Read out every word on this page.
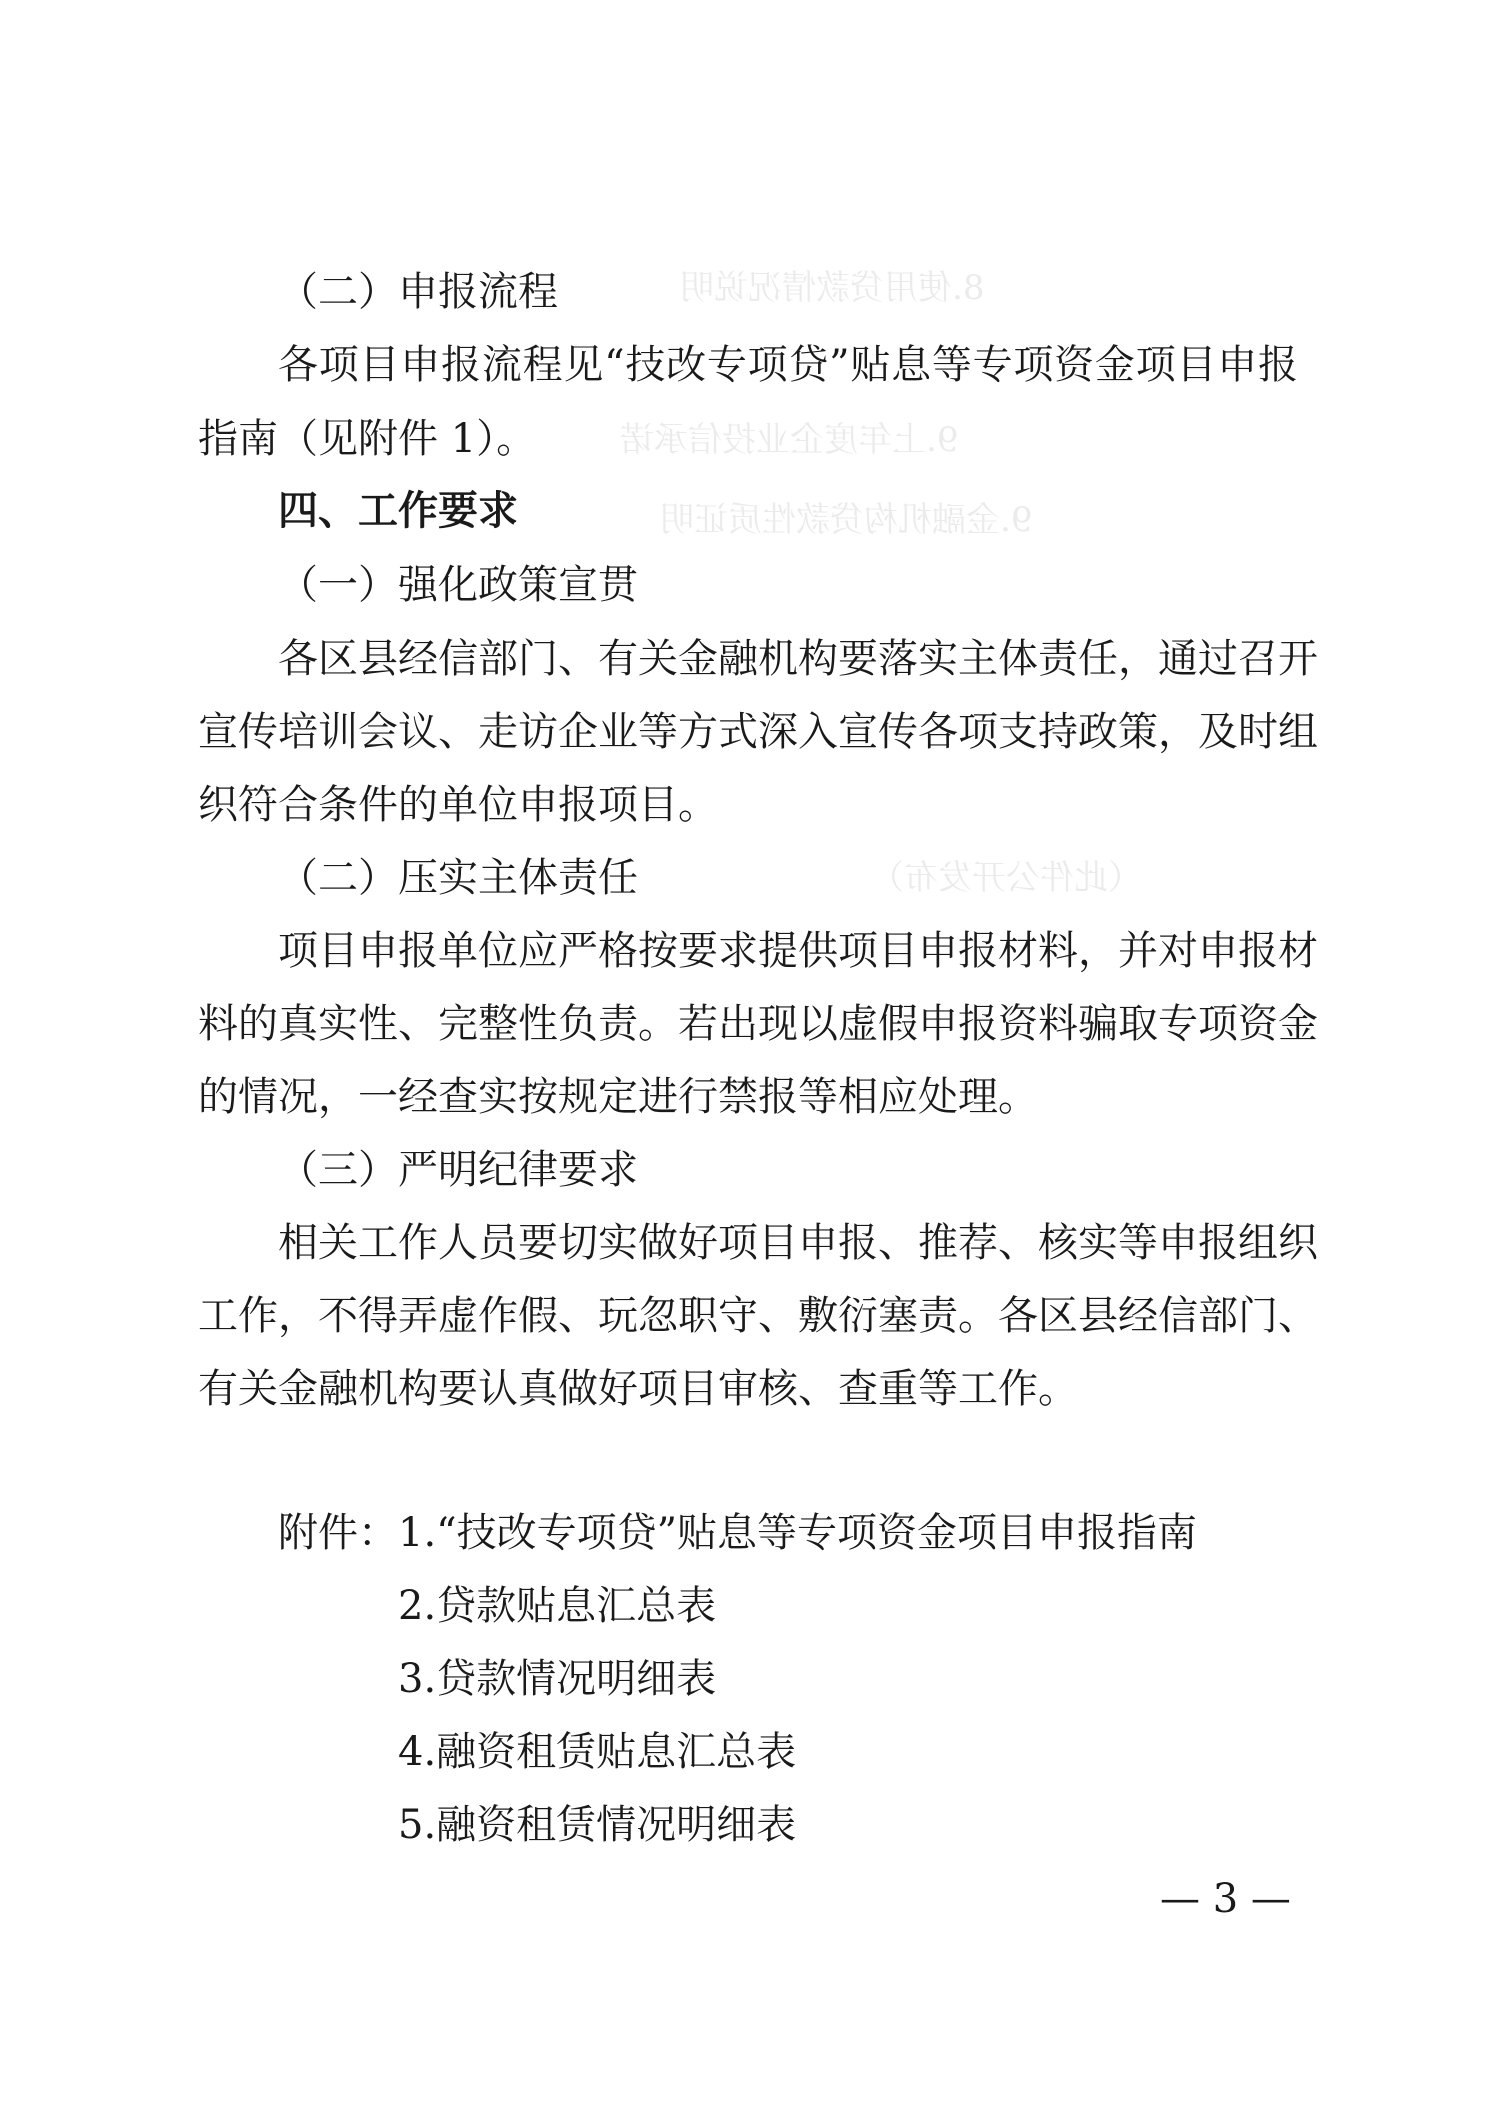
8.使用贷款情况说明
9.上年度企业投信承诺
9.金融机构贷款性质证明
（此件公开发布）
（二）申报流程
各项目申报流程见“技改专项贷”贴息等专项资金项目申报
指南（见附件 1）。
四、工作要求
（一）强化政策宣贯
各区县经信部门、有关金融机构要落实主体责任，通过召开
宣传培训会议、走访企业等方式深入宣传各项支持政策，及时组
织符合条件的单位申报项目。
（二）压实主体责任
项目申报单位应严格按要求提供项目申报材料，并对申报材
料的真实性、完整性负责。若出现以虚假申报资料骗取专项资金
的情况，一经查实按规定进行禁报等相应处理。
（三）严明纪律要求
相关工作人员要切实做好项目申报、推荐、核实等申报组织
工作，不得弄虚作假、玩忽职守、敷衍塞责。各区县经信部门、
有关金融机构要认真做好项目审核、查重等工作。
附件： 1.“技改专项贷”贴息等专项资金项目申报指南
2.贷款贴息汇总表
3.贷款情况明细表
4.融资租赁贴息汇总表
5.融资租赁情况明细表
— 3 —
